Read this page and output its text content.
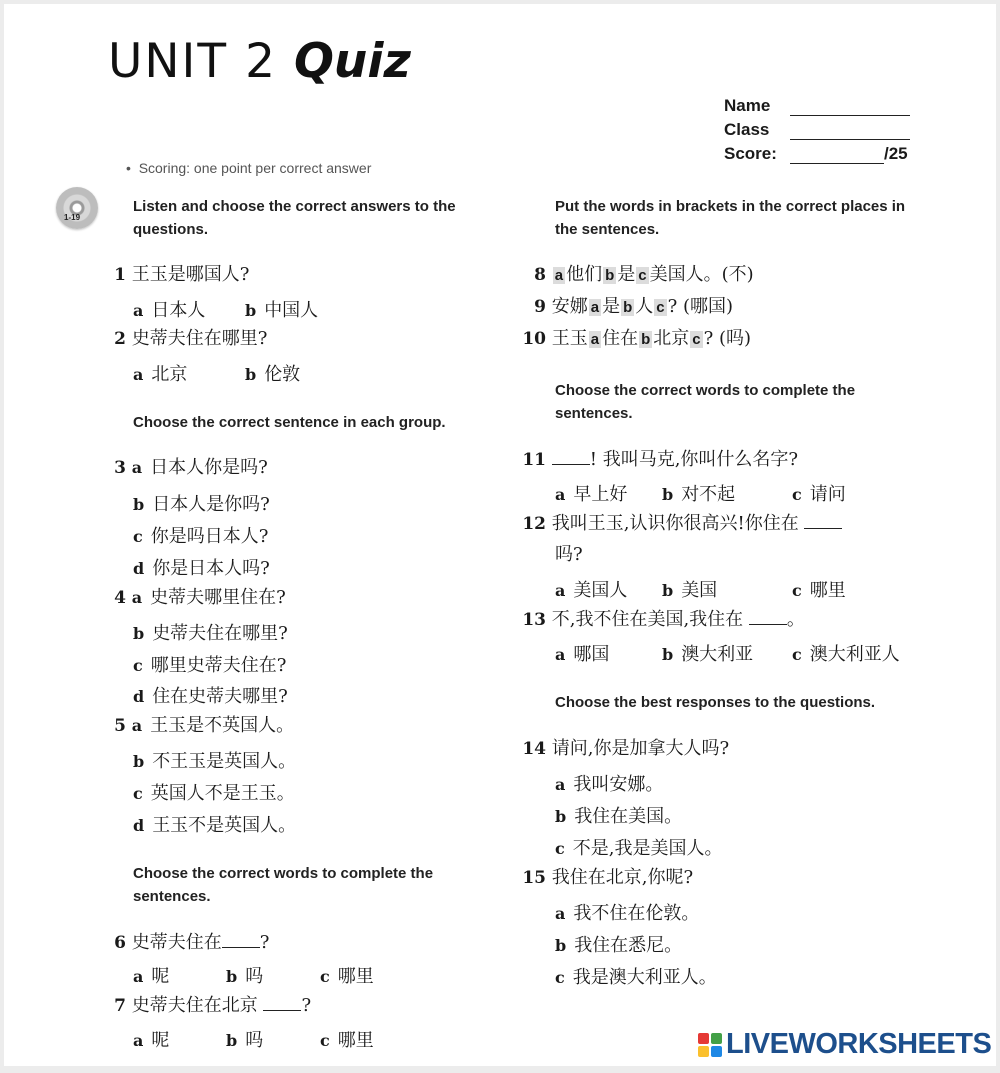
UNIT 2 Quiz
Name
Class
Score:	/25
• Scoring: one point per correct answer
1-19
Listen and choose the correct answers to the questions.
1 王玉是哪国人?
a 日本人 b 中国人
2 史蒂夫住在哪里?
a 北京	b 伦敦
Choose the correct sentence in each group.
3 a 日本人你是吗?
b 日本人是你吗?
c 你是吗日本人?
d 你是日本人吗?
4 a 史蒂夫哪里住在?
b 史蒂夫住在哪里?
c 哪里史蒂夫住在?
d 住在史蒂夫哪里?
5 a 王玉是不英国人。
b 不王玉是英国人。
c 英国人不是王玉。
d 王玉不是英国人。
Choose the correct words to complete the sentences.
6 史蒂夫住在 ?
a 呢	b 吗	c 哪里
7 史蒂夫住在北京 ?
a 呢	b 吗	c 哪里
Put the words in brackets in the correct places in the sentences.
8 a 他们 b 是 c 美国人。(不)
9 安娜 a 是 b 人 c ? (哪国)
10 王玉 a 住在 b 北京 c ? (吗)
Choose the correct words to complete the sentences.
11 ! 我叫马克,你叫什么名字?
a 早上好 b 对不起	c 请问
12 我叫王玉,认识你很高兴!你住在
吗?
a 美国人 b 美国	c 哪里
13 不,我不住在美国,我住在 。
a 哪国	b 澳大利亚 c 澳大利亚人
Choose the best responses to the questions.
14 请问,你是加拿大人吗?
a 我叫安娜。
b 我住在美国。
c 不是,我是美国人。
15 我住在北京,你呢?
a 我不住在伦敦。
b 我住在悉尼。
c 我是澳大利亚人。
LIVEWORKSHEETS
